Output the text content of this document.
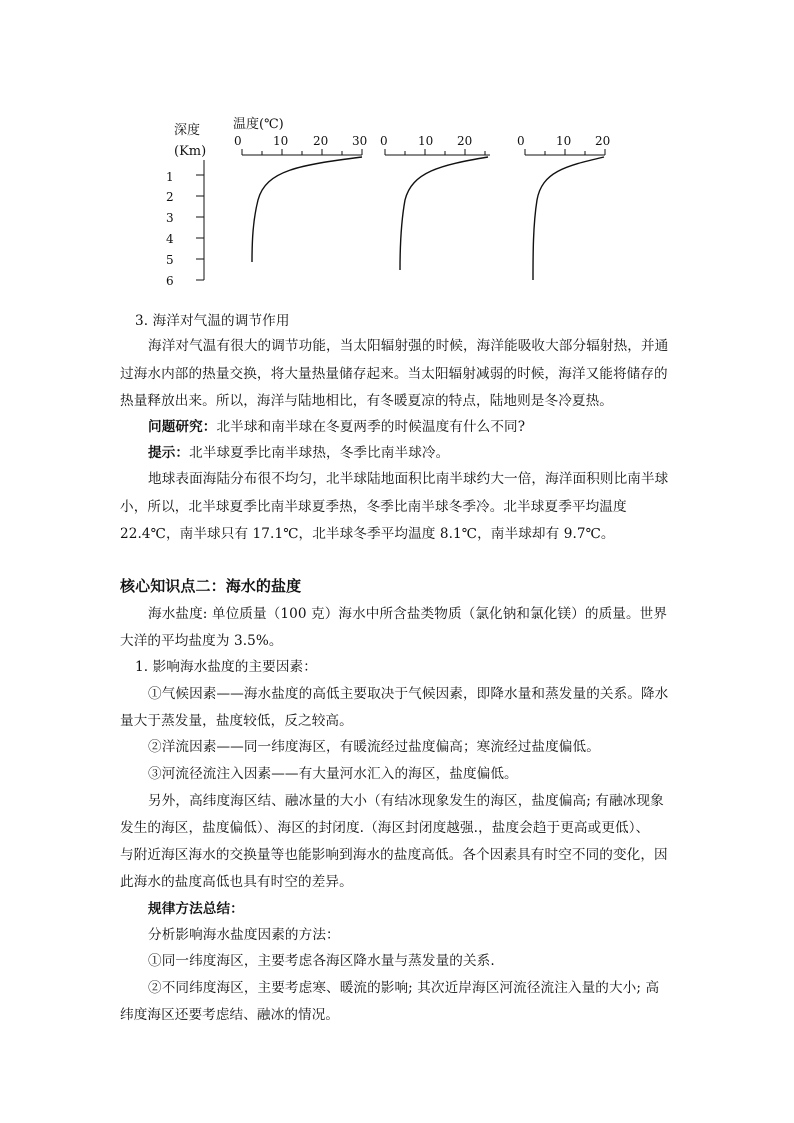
深度
(Km)
温度(℃)
1
2
3
4
5
6
0	10 20 30 0	10 20	0	10 20

3. 海洋对气温的调节作用

海洋对气温有很大的调节功能，当太阳辐射强的时候，海洋能吸收大部分辐射热，并通

过海水内部的热量交换，将大量热量储存起来。当太阳辐射减弱的时候，海洋又能将储存的

热量释放出来。所以，海洋与陆地相比，有冬暖夏凉的特点，陆地则是冬冷夏热。

问题研究：北半球和南半球在冬夏两季的时候温度有什么不同?

提示：北半球夏季比南半球热，冬季比南半球冷。

地球表面海陆分布很不均匀，北半球陆地面积比南半球约大一倍，海洋面积则比南半球

小，所以，北半球夏季比南半球夏季热，冬季比南半球冬季冷。北半球夏季平均温度

22.4℃，南半球只有 17.1℃，北半球冬季平均温度 8.1℃，南半球却有 9.7℃。

核心知识点二：海水的盐度

海水盐度: 单位质量（100 克）海水中所含盐类物质（氯化钠和氯化镁）的质量。世界

大洋的平均盐度为 3.5%。

1. 影响海水盐度的主要因素：

①气候因素——海水盐度的高低主要取决于气候因素，即降水量和蒸发量的关系。降水

量大于蒸发量，盐度较低，反之较高。

②洋流因素——同一纬度海区，有暖流经过盐度偏高；寒流经过盐度偏低。

③河流径流注入因素——有大量河水汇入的海区，盐度偏低。

另外，高纬度海区结、融冰量的大小（有结冰现象发生的海区，盐度偏高; 有融冰现象

发生的海区，盐度偏低）、海区的封闭度.（海区封闭度越强.，盐度会趋于更高或更低）、

与附近海区海水的交换量等也能影响到海水的盐度高低。各个因素具有时空不同的变化，因

此海水的盐度高低也具有时空的差异。

规律方法总结：

分析影响海水盐度因素的方法：

①同一纬度海区，主要考虑各海区降水量与蒸发量的关系.

②不同纬度海区，主要考虑寒、暖流的影响; 其次近岸海区河流径流注入量的大小; 高

纬度海区还要考虑结、融冰的情况。
